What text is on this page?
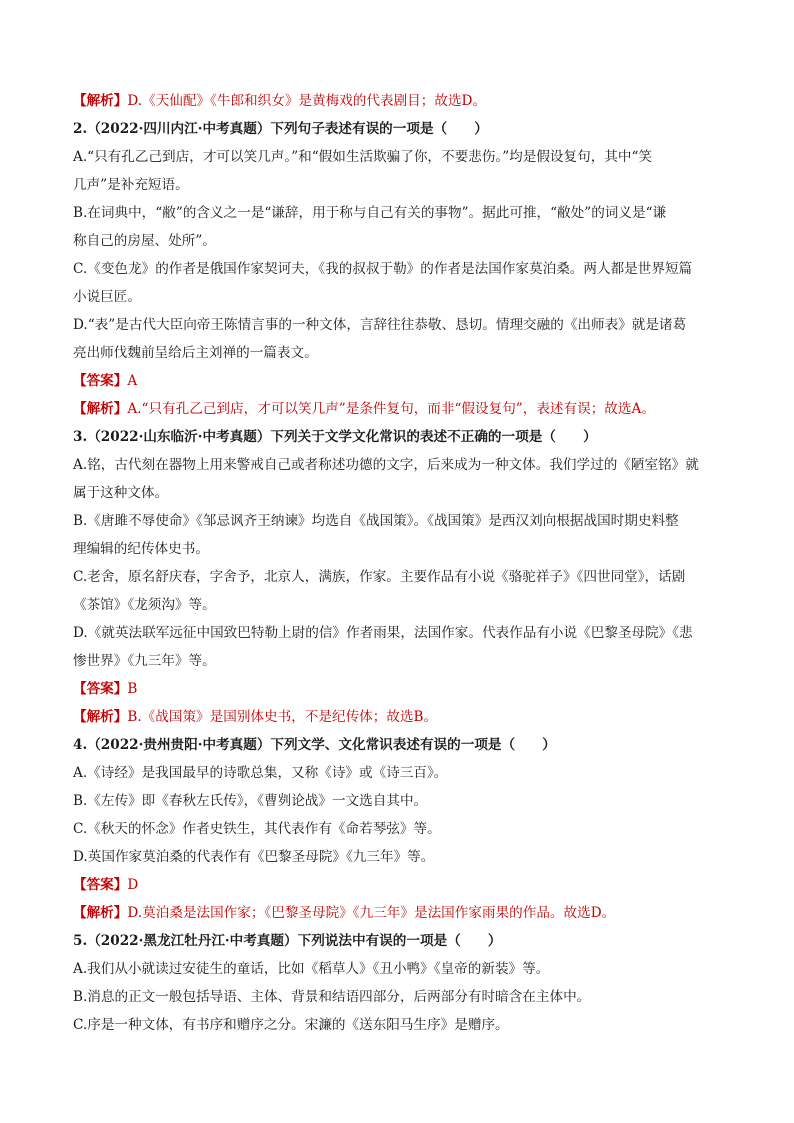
【解析】D.《天仙配》《牛郎和织女》是黄梅戏的代表剧目；故选D。
2.（2022·四川内江·中考真题）下列句子表述有误的一项是（　　）
A.“只有孔乙己到店，才可以笑几声。”和“假如生活欺骗了你，不要悲伤。”均是假设复句，其中“笑
几声”是补充短语。
B.在词典中，“敝”的含义之一是“谦辞，用于称与自己有关的事物”。据此可推，“敝处”的词义是“谦
称自己的房屋、处所”。
C.《变色龙》的作者是俄国作家契诃夫，《我的叔叔于勒》的作者是法国作家莫泊桑。两人都是世界短篇
小说巨匠。
D.“表”是古代大臣向帝王陈情言事的一种文体，言辞往往恭敬、恳切。情理交融的《出师表》就是诸葛
亮出师伐魏前呈给后主刘禅的一篇表文。
【答案】A
【解析】A.“只有孔乙己到店，才可以笑几声”是条件复句，而非“假设复句”，表述有误；故选A。
3.（2022·山东临沂·中考真题）下列关于文学文化常识的表述不正确的一项是（　　）
A.铭，古代刻在器物上用来警戒自己或者称述功德的文字，后来成为一种文体。我们学过的《陋室铭》就
属于这种文体。
B.《唐雎不辱使命》《邹忌讽齐王纳谏》均选自《战国策》。《战国策》是西汉刘向根据战国时期史料整
理编辑的纪传体史书。
C.老舍，原名舒庆春，字舍予，北京人，满族，作家。主要作品有小说《骆驼祥子》《四世同堂》，话剧
《茶馆》《龙须沟》等。
D.《就英法联军远征中国致巴特勒上尉的信》作者雨果，法国作家。代表作品有小说《巴黎圣母院》《悲
惨世界》《九三年》等。
【答案】B
【解析】B.《战国策》是国别体史书，不是纪传体；故选B。
4.（2022·贵州贵阳·中考真题）下列文学、文化常识表述有误的一项是（　　）
A.《诗经》是我国最早的诗歌总集，又称《诗》或《诗三百》。
B.《左传》即《春秋左氏传》，《曹刿论战》一文选自其中。
C.《秋天的怀念》作者史铁生，其代表作有《命若琴弦》等。
D.英国作家莫泊桑的代表作有《巴黎圣母院》《九三年》等。
【答案】D
【解析】D.莫泊桑是法国作家；《巴黎圣母院》《九三年》是法国作家雨果的作品。故选D。
5.（2022·黑龙江牡丹江·中考真题）下列说法中有误的一项是（　　）
A.我们从小就读过安徒生的童话，比如《稻草人》《丑小鸭》《皇帝的新装》等。
B.消息的正文一般包括导语、主体、背景和结语四部分，后两部分有时暗含在主体中。
C.序是一种文体，有书序和赠序之分。宋濂的《送东阳马生序》是赠序。
